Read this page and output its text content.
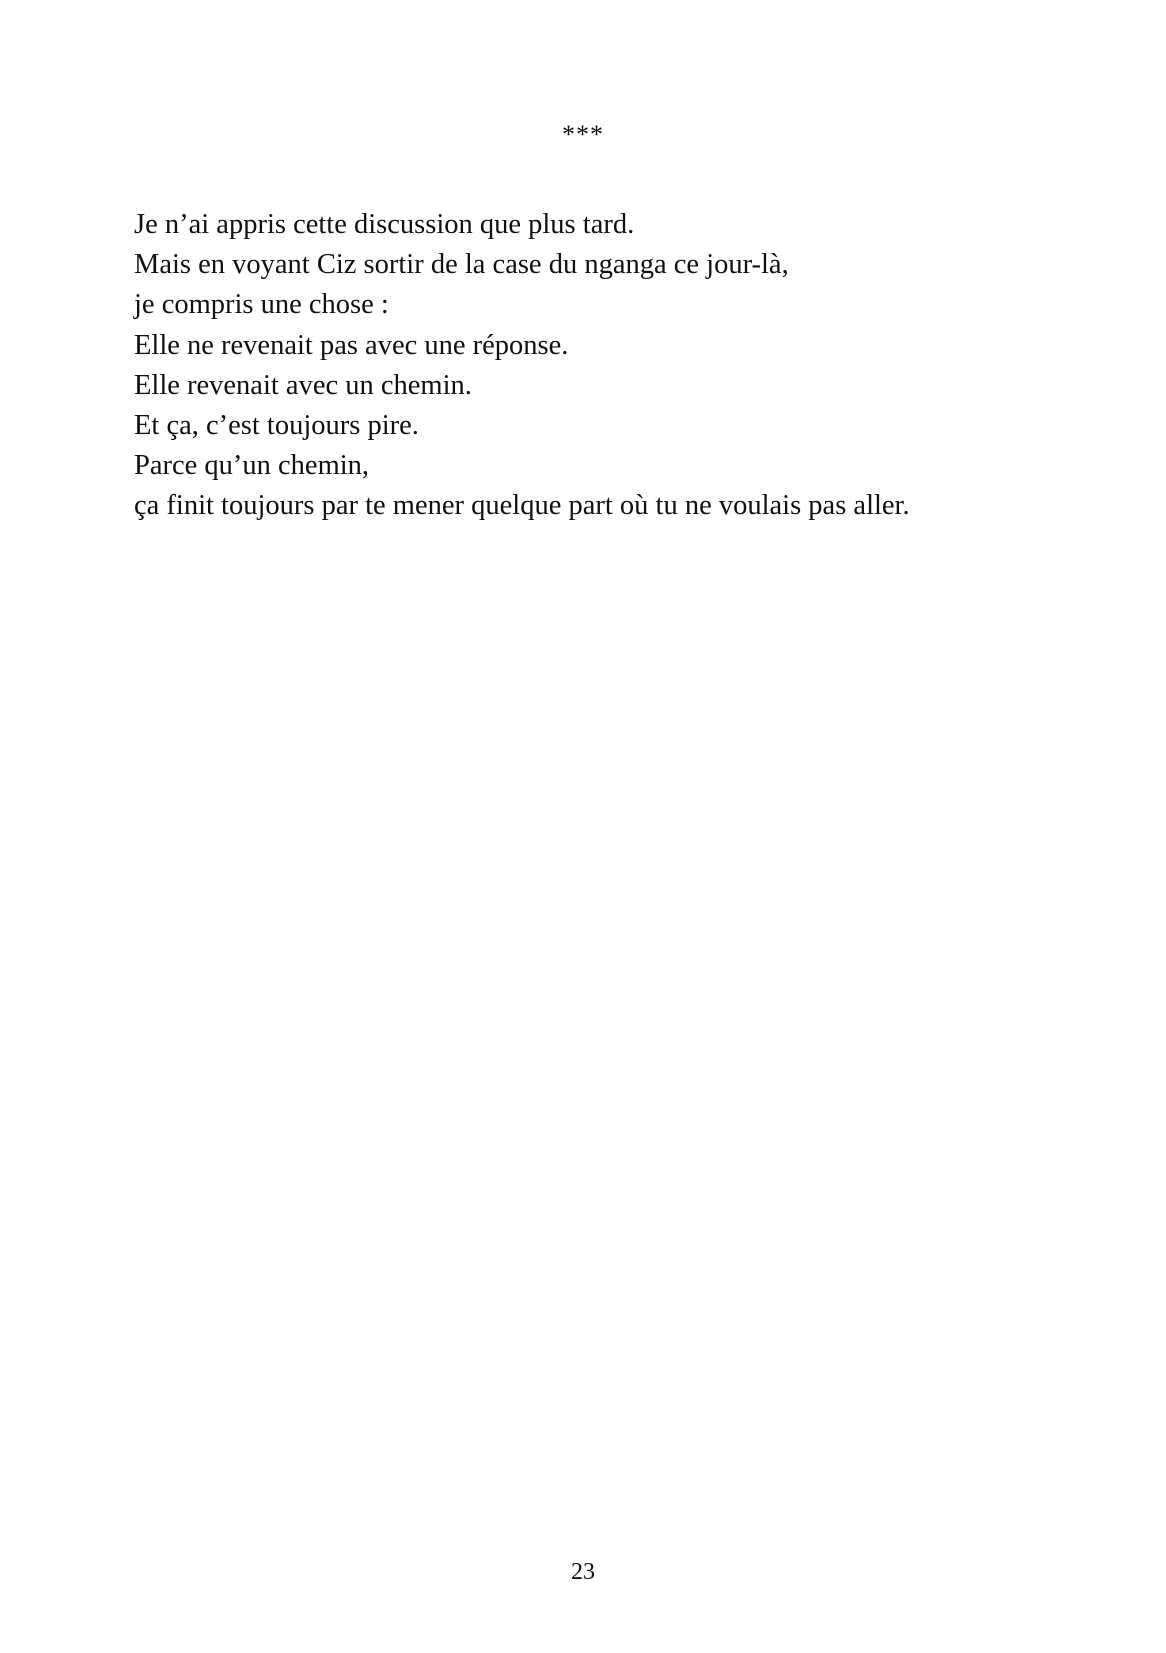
***
Je n’ai appris cette discussion que plus tard.
Mais en voyant Ciz sortir de la case du nganga ce jour-là,
je compris une chose :
Elle ne revenait pas avec une réponse.
Elle revenait avec un chemin.
Et ça, c’est toujours pire.
Parce qu’un chemin,
ça finit toujours par te mener quelque part où tu ne voulais pas aller.
23
